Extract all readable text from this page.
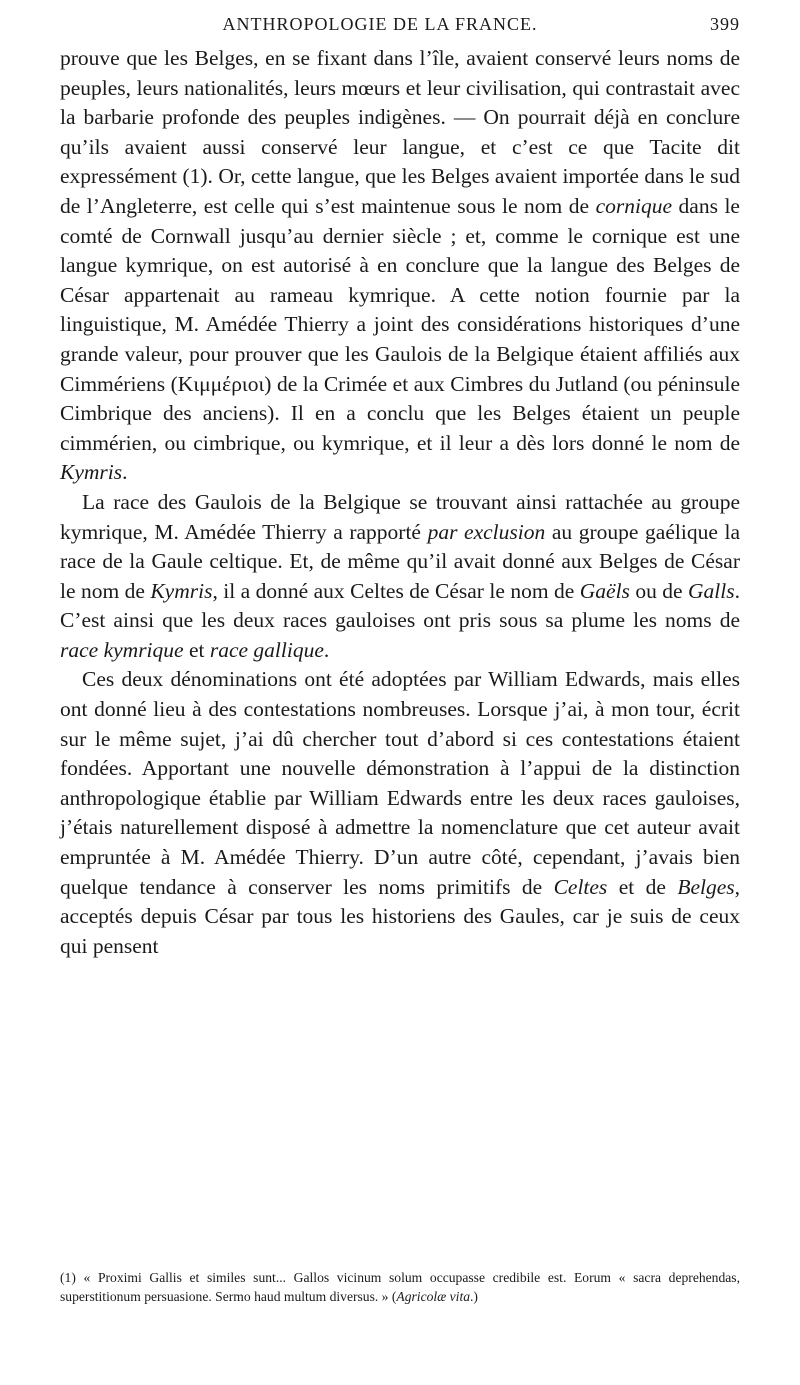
ANTHROPOLOGIE DE LA FRANCE.	399

prouve que les Belges, en se fixant dans l’île, avaient conservé leurs noms de peuples, leurs nationalités, leurs mœurs et leur civilisation, qui contrastait avec la barbarie profonde des peuples indigènes. — On pourrait déjà en conclure qu’ils avaient aussi conservé leur langue, et c’est ce que Tacite dit expressément (1). Or, cette langue, que les Belges avaient importée dans le sud de l’Angleterre, est celle qui s’est maintenue sous le nom de cornique dans le comté de Cornwall jusqu’au dernier siècle ; et, comme le cornique est une langue kymrique, on est autorisé à en conclure que la langue des Belges de César appartenait au rameau kymrique. A cette notion fournie par la linguistique, M. Amédée Thierry a joint des considérations historiques d’une grande valeur, pour prouver que les Gaulois de la Belgique étaient affiliés aux Cimmériens (Κιμμέριοι) de la Crimée et aux Cimbres du Jutland (ou péninsule Cimbrique des anciens). Il en a conclu que les Belges étaient un peuple cimmérien, ou cimbrique, ou kymrique, et il leur a dès lors donné le nom de Kymris.

La race des Gaulois de la Belgique se trouvant ainsi rattachée au groupe kymrique, M. Amédée Thierry a rapporté par exclusion au groupe gaélique la race de la Gaule celtique. Et, de même qu’il avait donné aux Belges de César le nom de Kymris, il a donné aux Celtes de César le nom de Gaëls ou de Galls. C’est ainsi que les deux races gauloises ont pris sous sa plume les noms de race kymrique et race gallique.

Ces deux dénominations ont été adoptées par William Edwards, mais elles ont donné lieu à des contestations nombreuses. Lorsque j’ai, à mon tour, écrit sur le même sujet, j’ai dû chercher tout d’abord si ces contestations étaient fondées. Apportant une nouvelle démonstration à l’appui de la distinction anthropologique établie par William Edwards entre les deux races gauloises, j’étais naturellement disposé à admettre la nomenclature que cet auteur avait empruntée à M. Amédée Thierry. D’un autre côté, cependant, j’avais bien quelque tendance à conserver les noms primitifs de Celtes et de Belges, acceptés depuis César par tous les historiens des Gaules, car je suis de ceux qui pensent

(1) « Proximi Gallis et similes sunt... Gallos vicinum solum occupasse credibile est. Eorum « sacra deprehendas, superstitionum persuasione. Sermo haud multum diversus. » (Agricolæ vita.)
